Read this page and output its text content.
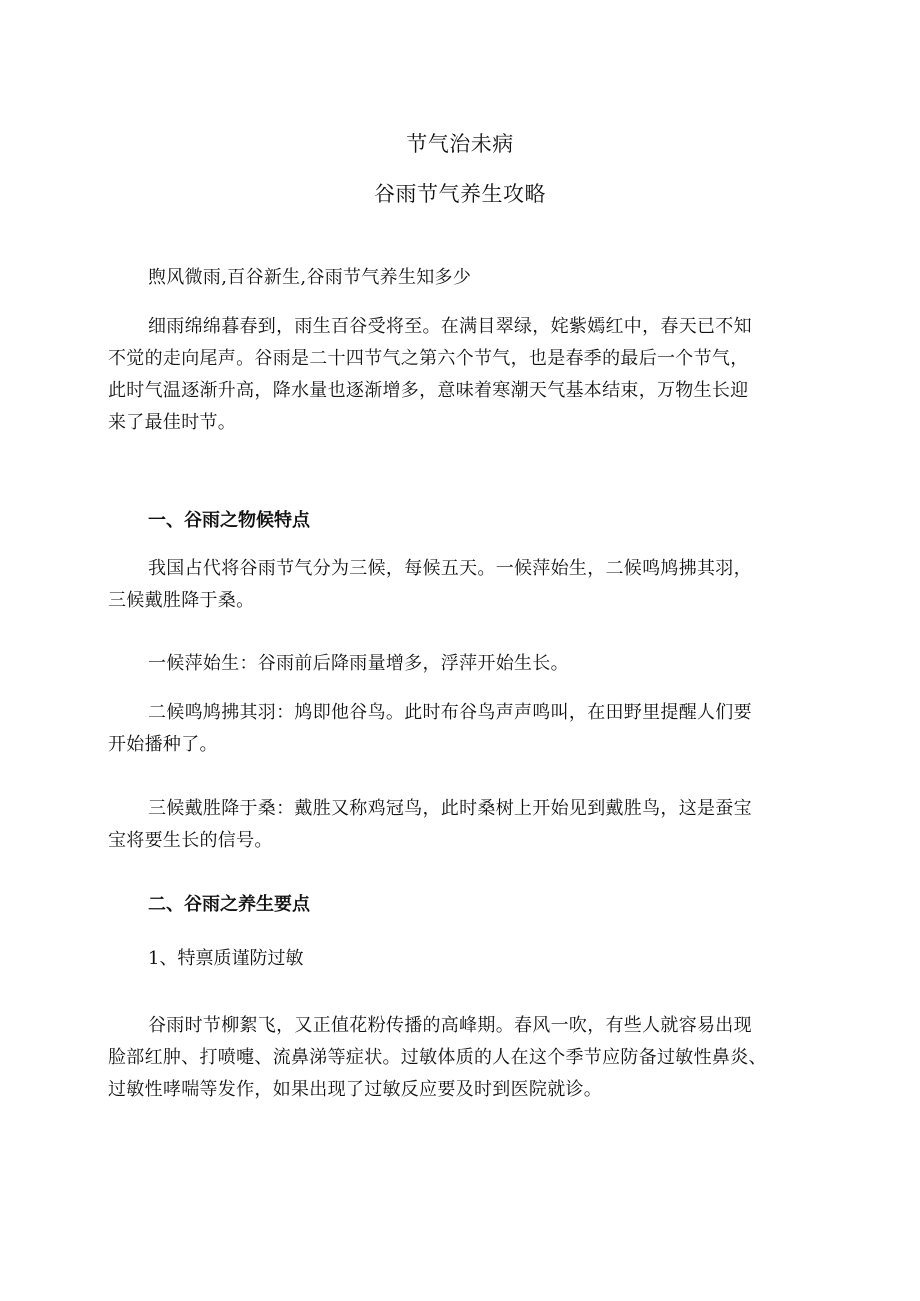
节气治未病
谷雨节气养生攻略
煦风微雨,百谷新生,谷雨节气养生知多少
细雨绵绵暮春到，雨生百谷受将至。在满目翠绿，姹紫嫣红中，春天已不知
不觉的走向尾声。谷雨是二十四节气之第六个节气，也是春季的最后一个节气，
此时气温逐渐升高，降水量也逐渐增多，意味着寒潮天气基本结束，万物生长迎
来了最佳时节。
一、谷雨之物候特点
我国占代将谷雨节气分为三候，每候五天。一候萍始生，二候鸣鸠拂其羽，
三候戴胜降于桑。
一候萍始生：谷雨前后降雨量增多，浮萍开始生长。
二候鸣鸠拂其羽：鸠即他谷鸟。此时布谷鸟声声鸣叫，在田野里提醒人们要
开始播种了。
三候戴胜降于桑：戴胜又称鸡冠鸟，此时桑树上开始见到戴胜鸟，这是蚕宝
宝将要生长的信号。
二、谷雨之养生要点
1、特禀质谨防过敏
谷雨时节柳絮飞，又正值花粉传播的高峰期。春风一吹，有些人就容易出现
脸部红肿、打喷嚏、流鼻涕等症状。过敏体质的人在这个季节应防备过敏性鼻炎、
过敏性哮喘等发作，如果出现了过敏反应要及时到医院就诊。
